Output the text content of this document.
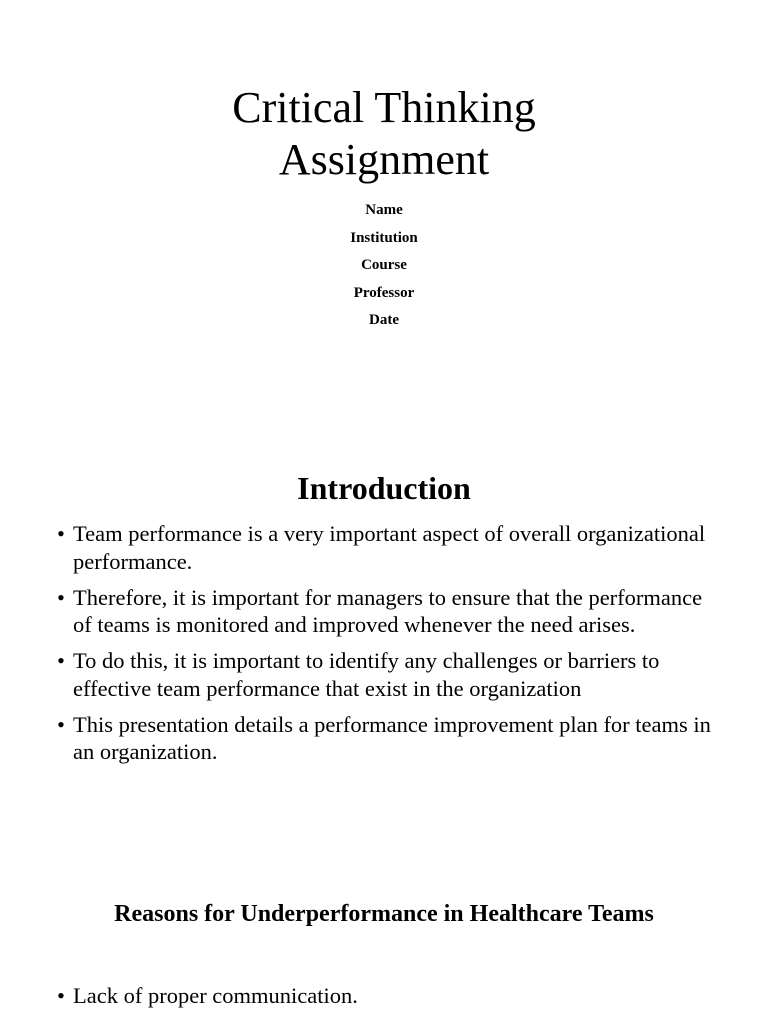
Critical Thinking
Assignment
Name
Institution
Course
Professor
Date
Introduction
• Team performance is a very important aspect of overall organizational performance.
• Therefore, it is important for managers to ensure that the performance of teams is monitored and improved whenever the need arises.
• To do this, it is important to identify any challenges or barriers to effective team performance that exist in the organization
• This presentation details a performance improvement plan for teams in an organization.
Reasons for Underperformance in Healthcare Teams
• Lack of proper communication.
